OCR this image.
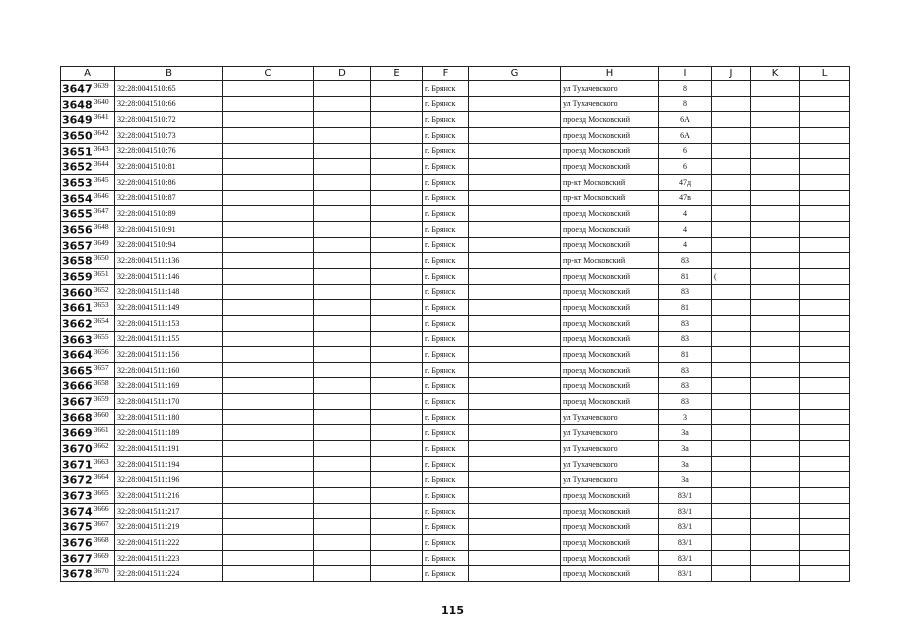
A	B	C	D	E	F	G	H	I	J	K	L
$3647^{3639}$	32:28:0041510:65				г. Брянск		ул Тухачевского	8			
$3648^{3640}$	32:28:0041510:66				г. Брянск		ул Тухачевского	8			
$3649^{3641}$	32:28:0041510:72				г. Брянск		проезд Московский	6А			
$3650^{3642}$	32:28:0041510:73				г. Брянск		проезд Московский	6А			
$3651^{3643}$	32:28:0041510:76				г. Брянск		проезд Московский	6			
$3652^{3644}$	32:28:0041510:81				г. Брянск		проезд Московский	6			
$3653^{3645}$	32:28:0041510:86				г. Брянск		пр-кт Московский	47д			
$3654^{3646}$	32:28:0041510:87				г. Брянск		пр-кт Московский	47в			
$3655^{3647}$	32:28:0041510:89				г. Брянск		проезд Московский	4			
$3656^{3648}$	32:28:0041510:91				г. Брянск		проезд Московский	4			
$3657^{3649}$	32:28:0041510:94				г. Брянск		проезд Московский	4			
$3658^{3650}$	32:28:0041511:136				г. Брянск		пр-кт Московский	83			
$3659^{3651}$	32:28:0041511:146				г. Брянск		проезд Московский	81	(		
$3660^{3652}$	32:28:0041511:148				г. Брянск		проезд Московский	83			
$3661^{3653}$	32:28:0041511:149				г. Брянск		проезд Московский	81			
$3662^{3654}$	32:28:0041511:153				г. Брянск		проезд Московский	83			
$3663^{3655}$	32:28:0041511:155				г. Брянск		проезд Московский	83			
$3664^{3656}$	32:28:0041511:156				г. Брянск		проезд Московский	81			
$3665^{3657}$	32:28:0041511:160				г. Брянск		проезд Московский	83			
$3666^{3658}$	32:28:0041511:169				г. Брянск		проезд Московский	83			
$3667^{3659}$	32:28:0041511:170				г. Брянск		проезд Московский	83			
$3668^{3660}$	32:28:0041511:180				г. Брянск		ул Тухачевского	3			
$3669^{3661}$	32:28:0041511:189				г. Брянск		ул Тухачевского	3а			
$3670^{3662}$	32:28:0041511:191				г. Брянск		ул Тухачевского	3а			
$3671^{3663}$	32:28:0041511:194				г. Брянск		ул Тухачевского	3а			
$3672^{3664}$	32:28:0041511:196				г. Брянск		ул Тухачевского	3а			
$3673^{3665}$	32:28:0041511:216				г. Брянск		проезд Московский	83/1			
$3674^{3666}$	32:28:0041511:217				г. Брянск		проезд Московский	83/1			
$3675^{3667}$	32:28:0041511:219				г. Брянск		проезд Московский	83/1			
$3676^{3668}$	32:28:0041511:222				г. Брянск		проезд Московский	83/1			
$3677^{3669}$	32:28:0041511:223				г. Брянск		проезд Московский	83/1			
$3678^{3670}$	32:28:0041511:224				г. Брянск		проезд Московский	83/1			
115
